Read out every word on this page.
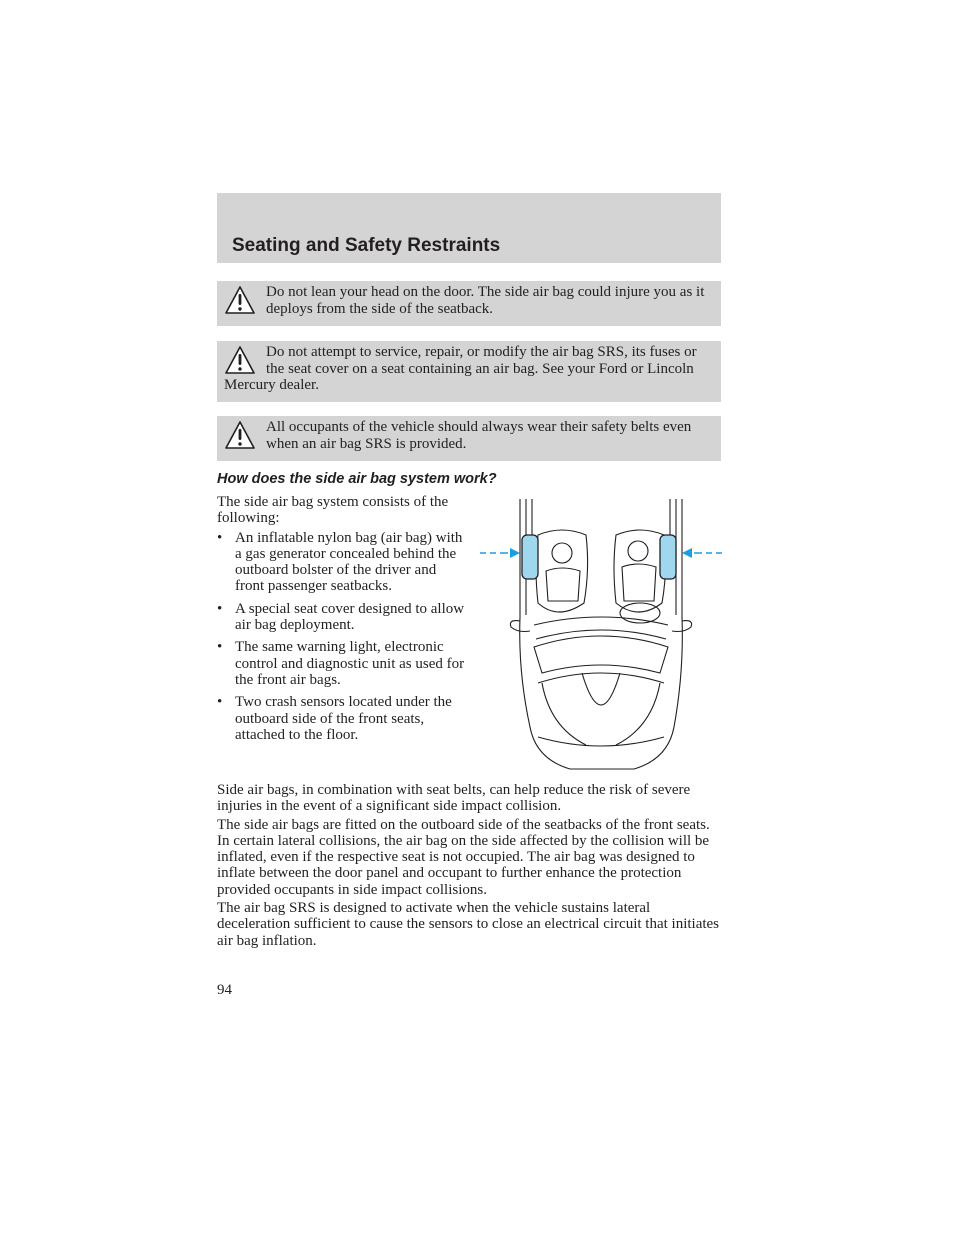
Seating and Safety Restraints
Do not lean your head on the door. The side air bag could injure you as it deploys from the side of the seatback.
Do not attempt to service, repair, or modify the air bag SRS, its fuses or the seat cover on a seat containing an air bag. See your Ford or Lincoln Mercury dealer.
All occupants of the vehicle should always wear their safety belts even when an air bag SRS is provided.
How does the side air bag system work?

The side air bag system consists of the following:

• An inflatable nylon bag (air bag) with a gas generator concealed behind the outboard bolster of the driver and front passenger seatbacks.
• A special seat cover designed to allow air bag deployment.
• The same warning light, electronic control and diagnostic unit as used for the front air bags.
• Two crash sensors located under the outboard side of the front seats, attached to the floor.

Side air bags, in combination with seat belts, can help reduce the risk of severe injuries in the event of a significant side impact collision.

The side air bags are fitted on the outboard side of the seatbacks of the front seats. In certain lateral collisions, the air bag on the side affected by the collision will be inflated, even if the respective seat is not occupied. The air bag was designed to inflate between the door panel and occupant to further enhance the protection provided occupants in side impact collisions.

The air bag SRS is designed to activate when the vehicle sustains lateral deceleration sufficient to cause the sensors to close an electrical circuit that initiates air bag inflation.

94
